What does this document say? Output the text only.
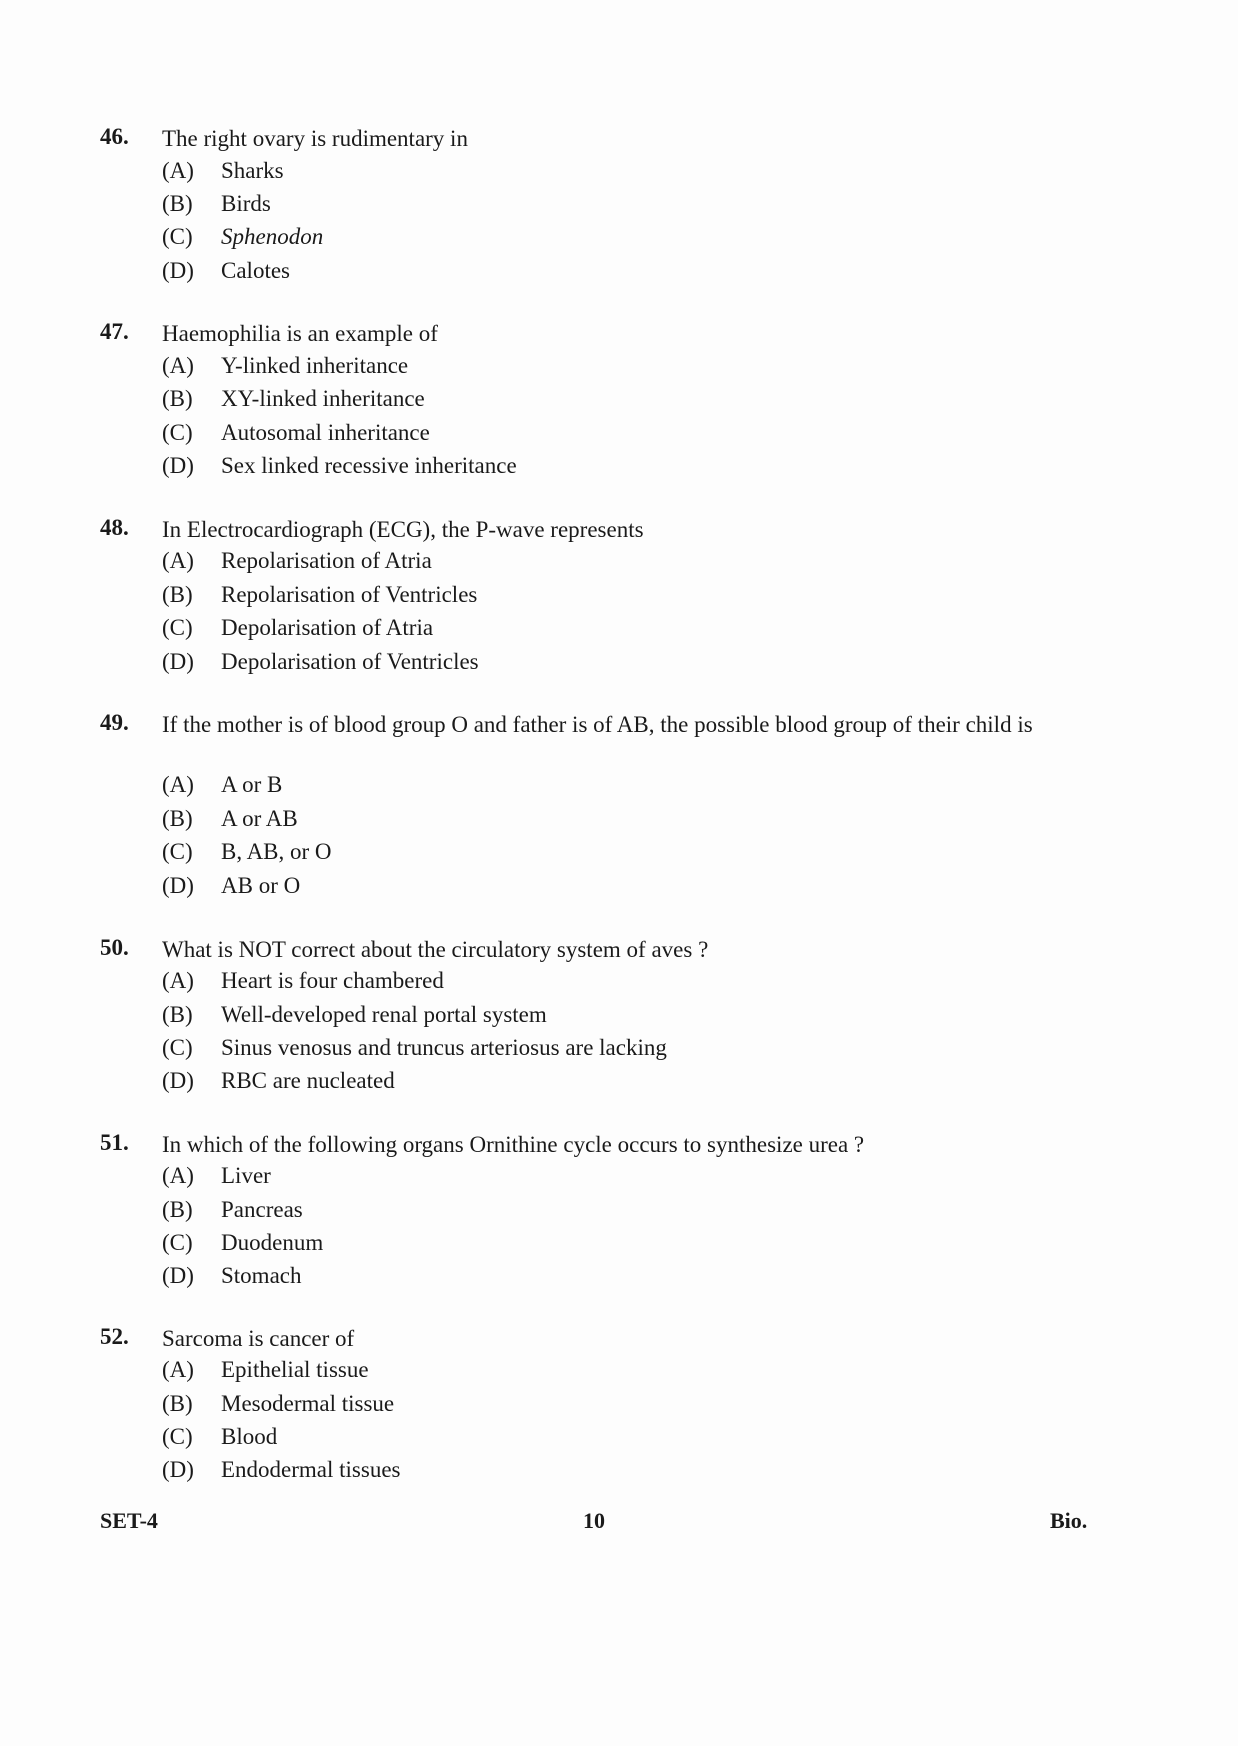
46. The right ovary is rudimentary in
(A) Sharks
(B) Birds
(C) Sphenodon
(D) Calotes
47. Haemophilia is an example of
(A) Y-linked inheritance
(B) XY-linked inheritance
(C) Autosomal inheritance
(D) Sex linked recessive inheritance
48. In Electrocardiograph (ECG), the P-wave represents
(A) Repolarisation of Atria
(B) Repolarisation of Ventricles
(C) Depolarisation of Atria
(D) Depolarisation of Ventricles
49. If the mother is of blood group O and father is of AB, the possible blood group of their child is
(A) A or B
(B) A or AB
(C) B, AB, or O
(D) AB or O
50. What is NOT correct about the circulatory system of aves ?
(A) Heart is four chambered
(B) Well-developed renal portal system
(C) Sinus venosus and truncus arteriosus are lacking
(D) RBC are nucleated
51. In which of the following organs Ornithine cycle occurs to synthesize urea ?
(A) Liver
(B) Pancreas
(C) Duodenum
(D) Stomach
52. Sarcoma is cancer of
(A) Epithelial tissue
(B) Mesodermal tissue
(C) Blood
(D) Endodermal tissues
SET-4	10	Bio.
